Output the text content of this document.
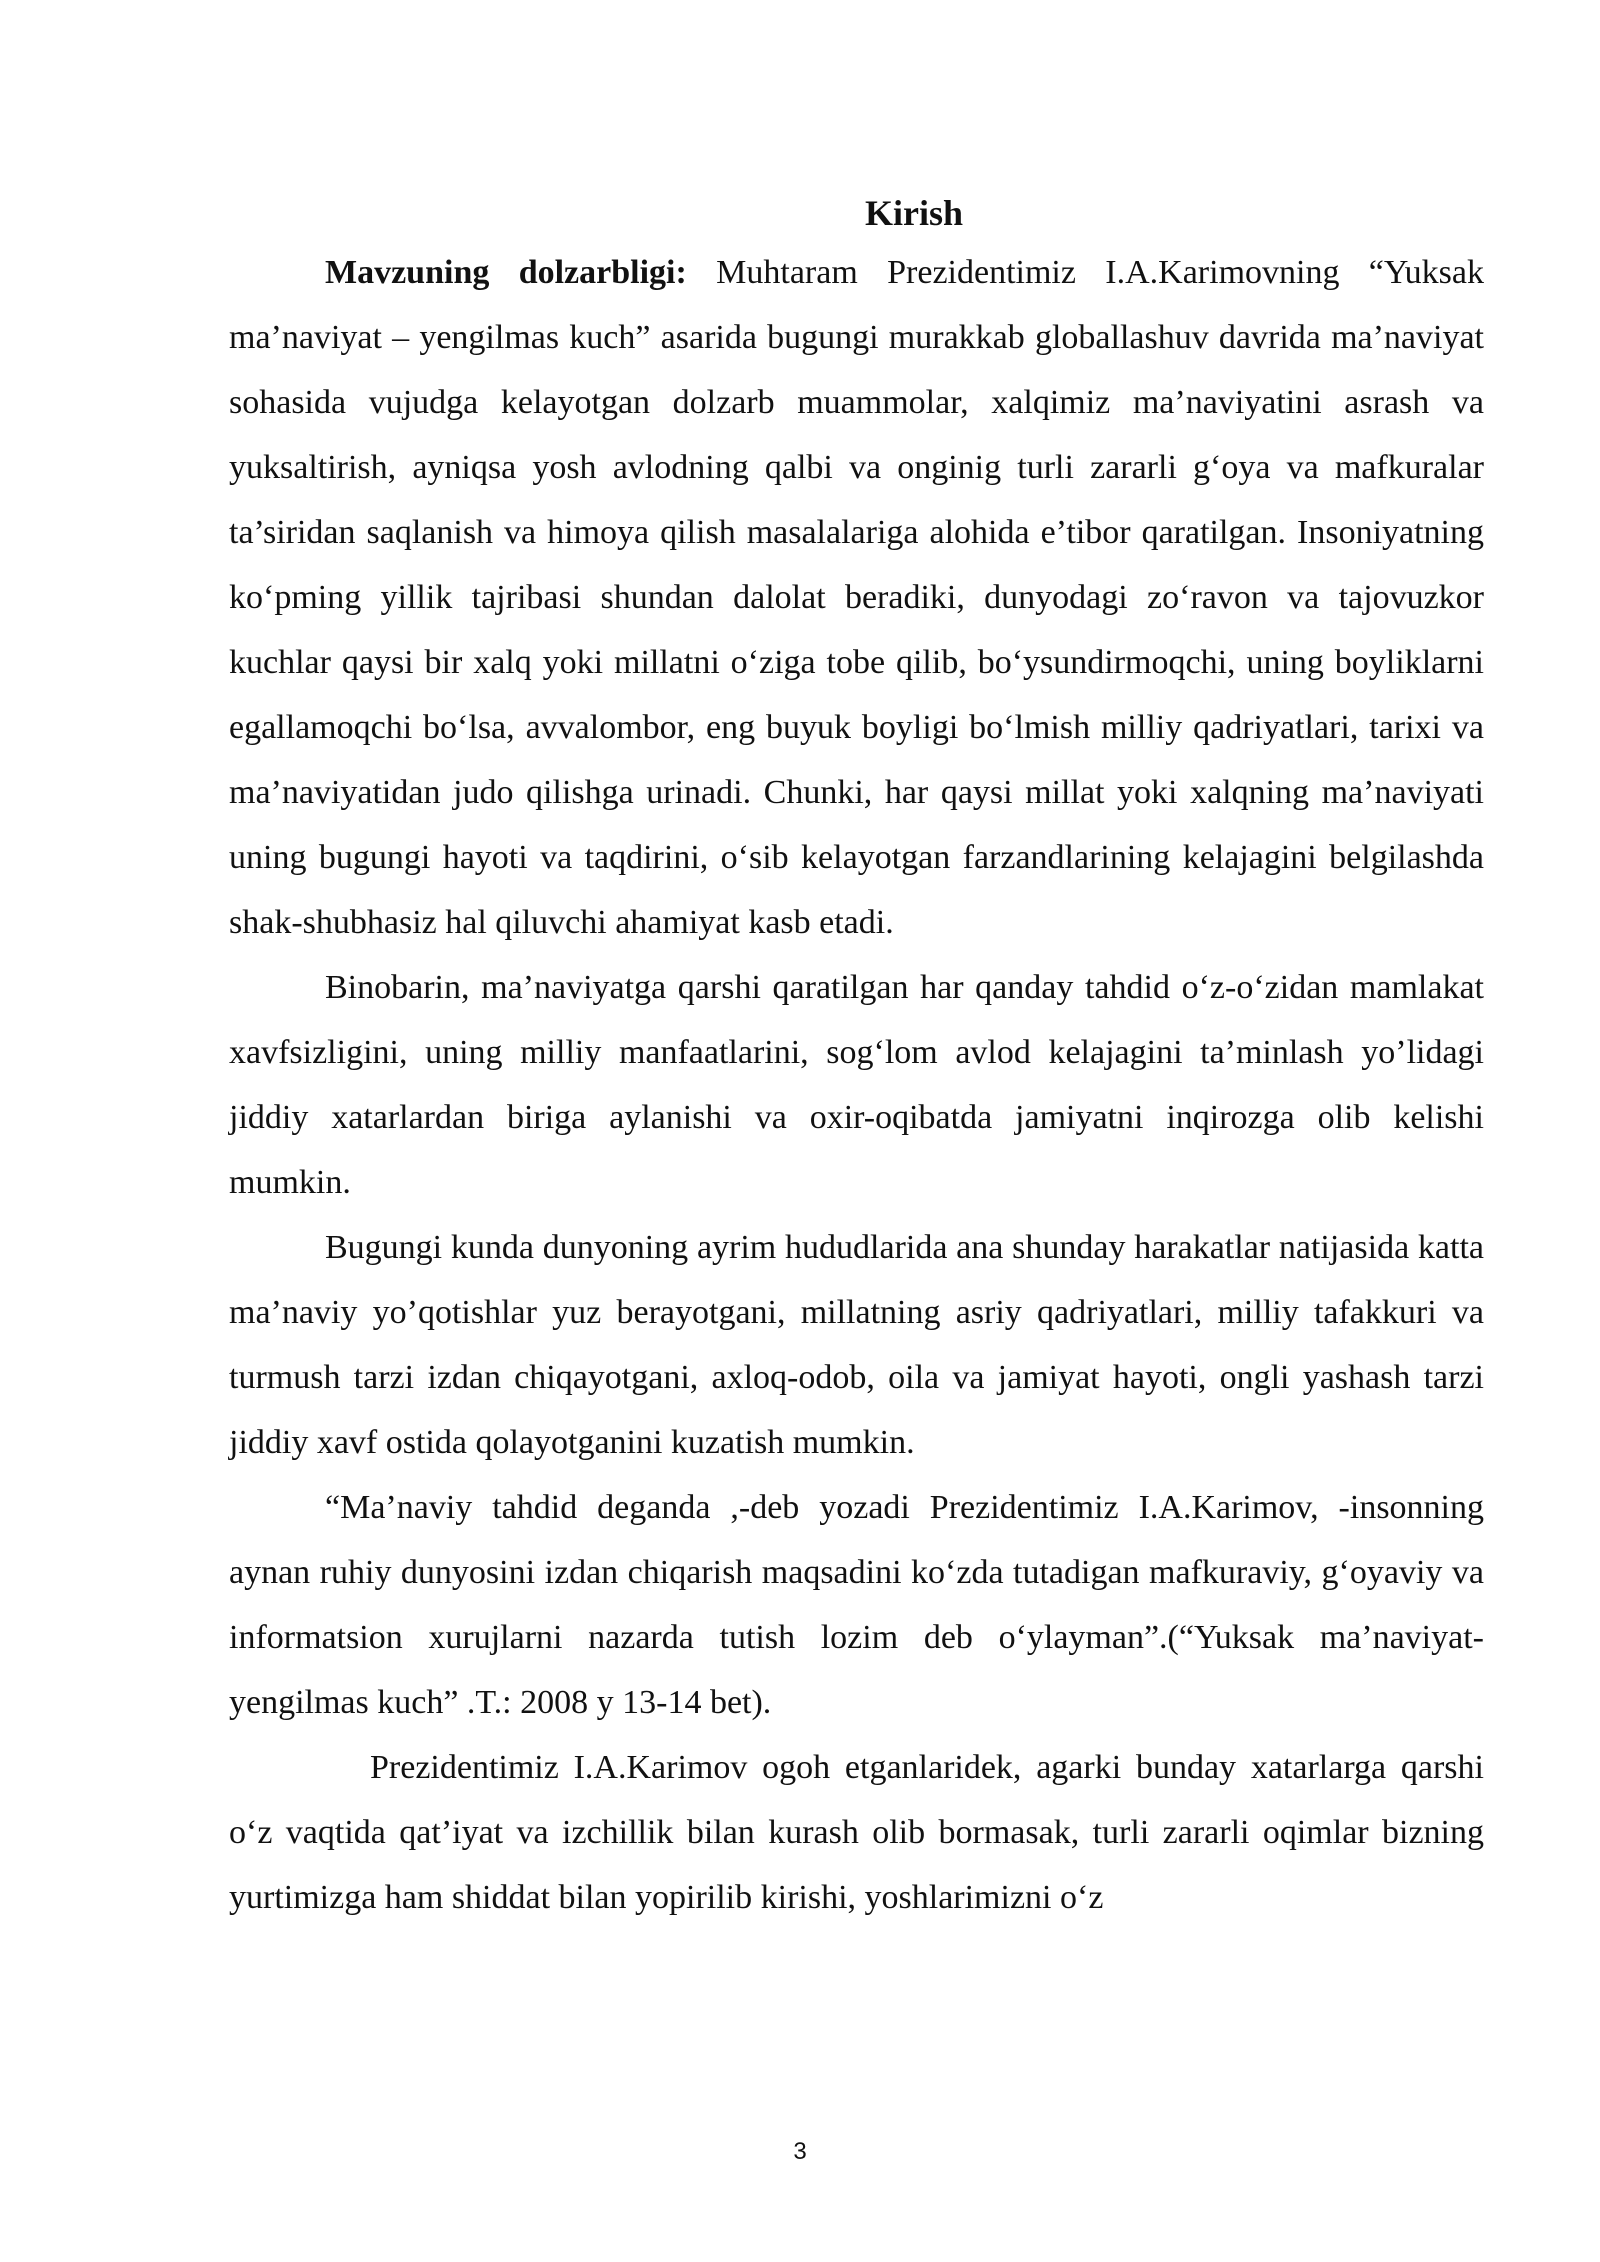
Kirish

Mavzuning dolzarbligi: Muhtaram Prezidentimiz I.A.Karimovning “Yuksak ma’naviyat – yengilmas kuch” asarida bugungi murakkab globallashuv davrida ma’naviyat sohasida vujudga kelayotgan dolzarb muammolar, xalqimiz ma’naviyatini asrash va yuksaltirish, ayniqsa yosh avlodning qalbi va onginig turli zararli g‘oya va mafkuralar ta’siridan saqlanish va himoya qilish masalalariga alohida e’tibor qaratilgan. Insoniyatning ko‘pming yillik tajribasi shundan dalolat beradiki, dunyodagi zo‘ravon va tajovuzkor kuchlar qaysi bir xalq yoki millatni o‘ziga tobe qilib, bo‘ysundirmoqchi, uning boyliklarni egallamoqchi bo‘lsa, avvalombor, eng buyuk boyligi bo‘lmish milliy qadriyatlari, tarixi va ma’naviyatidan judo qilishga urinadi. Chunki, har qaysi millat yoki xalqning ma’naviyati uning bugungi hayoti va taqdirini, o‘sib kelayotgan farzandlarining kelajagini belgilashda shak-shubhasiz hal qiluvchi ahamiyat kasb etadi.

Binobarin, ma’naviyatga qarshi qaratilgan har qanday tahdid o‘z-o‘zidan mamlakat xavfsizligini, uning milliy manfaatlarini, sog‘lom avlod kelajagini ta’minlash yo’lidagi jiddiy xatarlardan biriga aylanishi va oxir-oqibatda jamiyatni inqirozga olib kelishi mumkin.

Bugungi kunda dunyoning ayrim hududlarida ana shunday harakatlar natijasida katta ma’naviy yo’qotishlar yuz berayotgani, millatning asriy qadriyatlari, milliy tafakkuri va turmush tarzi izdan chiqayotgani, axloq-odob, oila va jamiyat hayoti, ongli yashash tarzi jiddiy xavf ostida qolayotganini kuzatish mumkin.

“Ma’naviy tahdid deganda ,-deb yozadi Prezidentimiz I.A.Karimov, -insonning aynan ruhiy dunyosini izdan chiqarish maqsadini ko‘zda tutadigan mafkuraviy, g‘oyaviy va informatsion xurujlarni nazarda tutish lozim deb o‘ylayman”.(“Yuksak ma’naviyat-yengilmas kuch” .T.: 2008 y 13-14 bet).

Prezidentimiz I.A.Karimov ogoh etganlaridek, agarki bunday xatarlarga qarshi o‘z vaqtida qat’iyat va izchillik bilan kurash olib bormasak, turli zararli oqimlar bizning yurtimizga ham shiddat bilan yopirilib kirishi, yoshlarimizni o‘z

3
